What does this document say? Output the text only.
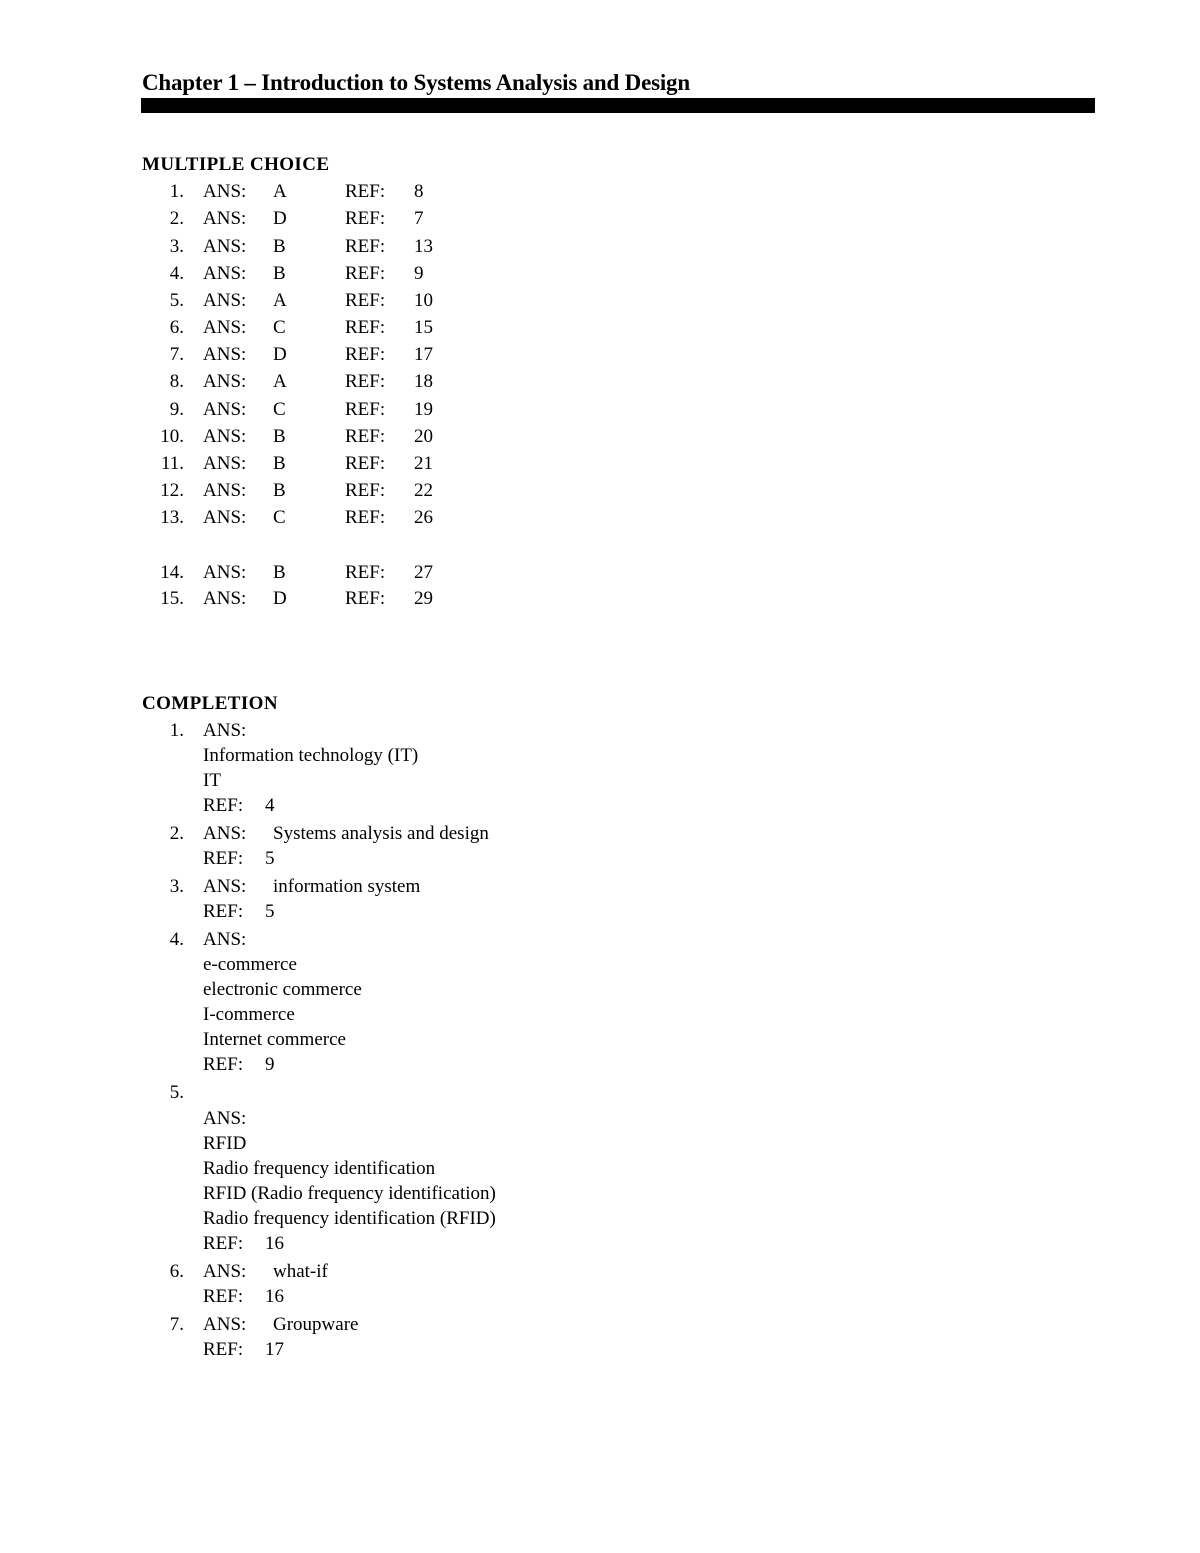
Chapter 1 – Introduction to Systems Analysis and Design
MULTIPLE CHOICE
1. ANS: A	REF: 8
2. ANS: D	REF: 7
3. ANS: B	REF: 13
4. ANS: B	REF: 9
5. ANS: A	REF: 10
6. ANS: C	REF: 15
7. ANS: D	REF: 17
8. ANS: A	REF: 18
9. ANS: C	REF: 19
10. ANS: B	REF: 20
11. ANS: B	REF: 21
12. ANS: B	REF: 22
13. ANS: C	REF: 26
14. ANS: B	REF: 27
15. ANS: D	REF: 29
COMPLETION
1. ANS:
Information technology (IT)
IT
REF: 4
2. ANS: Systems analysis and design
REF: 5
3. ANS: information system
REF: 5
4. ANS:
e-commerce
electronic commerce
I-commerce
Internet commerce
REF: 9
5.
ANS:
RFID
Radio frequency identification
RFID (Radio frequency identification)
Radio frequency identification (RFID)
REF: 16
6. ANS: what-if
REF: 16
7. ANS: Groupware
REF: 17
